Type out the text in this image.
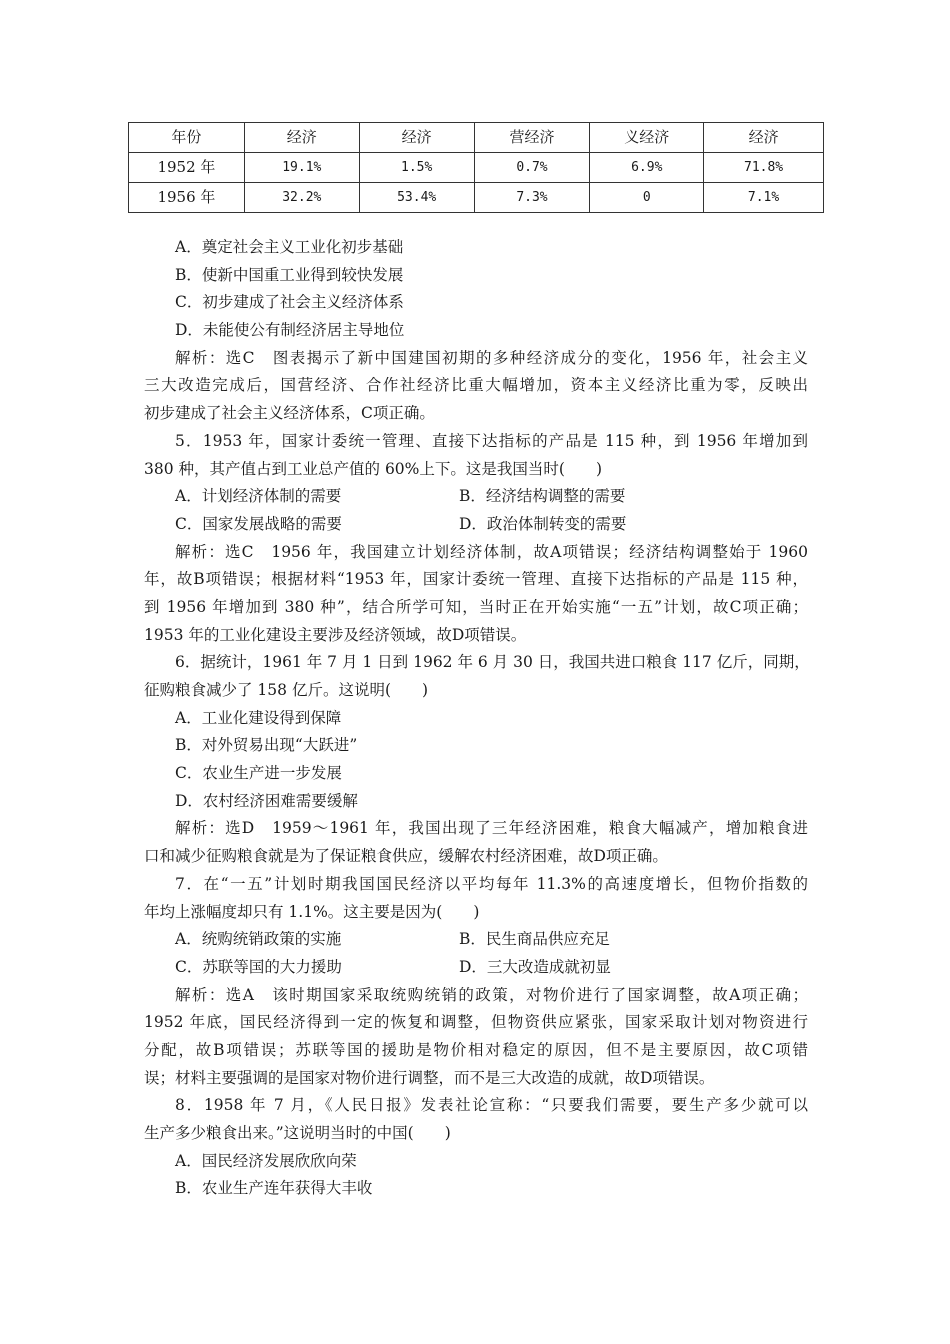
年份	经济	经济	营经济	义经济	经济
1952 年	19.1%	1.5%	0.7%	6.9%	71.8%
1956 年	32.2%	53.4%	7.3%	0	7.1%
A．奠定社会主义工业化初步基础
B．使新中国重工业得到较快发展
C．初步建成了社会主义经济体系
D．未能使公有制经济居主导地位
解析：选C　图表揭示了新中国建国初期的多种经济成分的变化，1956 年，社会主义
三大改造完成后，国营经济、合作社经济比重大幅增加，资本主义经济比重为零，反映出
初步建成了社会主义经济体系，C项正确。
5．1953 年，国家计委统一管理、直接下达指标的产品是 115 种，到 1956 年增加到
380 种，其产值占到工业总产值的 60%上下。这是我国当时(　　)
A．计划经济体制的需要	B．经济结构调整的需要
C．国家发展战略的需要	D．政治体制转变的需要
解析：选C　1956 年，我国建立计划经济体制，故A项错误；经济结构调整始于 1960
年，故B项错误；根据材料“1953 年，国家计委统一管理、直接下达指标的产品是 115 种，
到 1956 年增加到 380 种”，结合所学可知，当时正在开始实施“一五”计划，故C项正确；
1953 年的工业化建设主要涉及经济领域，故D项错误。
6．据统计，1961 年 7 月 1 日到 1962 年 6 月 30 日，我国共进口粮食 117 亿斤，同期，
征购粮食减少了 158 亿斤。这说明(　　)
A．工业化建设得到保障
B．对外贸易出现“大跃进”
C．农业生产进一步发展
D．农村经济困难需要缓解
解析：选D　1959～1961 年，我国出现了三年经济困难，粮食大幅减产，增加粮食进
口和减少征购粮食就是为了保证粮食供应，缓解农村经济困难，故D项正确。
7．在“一五”计划时期我国国民经济以平均每年 11.3%的高速度增长，但物价指数的
年均上涨幅度却只有 1.1%。这主要是因为(　　)
A．统购统销政策的实施	B．民生商品供应充足
C．苏联等国的大力援助	D．三大改造成就初显
解析：选A　该时期国家采取统购统销的政策，对物价进行了国家调整，故A项正确；
1952 年底，国民经济得到一定的恢复和调整，但物资供应紧张，国家采取计划对物资进行
分配，故B项错误；苏联等国的援助是物价相对稳定的原因，但不是主要原因，故C项错
误；材料主要强调的是国家对物价进行调整，而不是三大改造的成就，故D项错误。
8．1958 年 7 月，《人民日报》发表社论宣称：“只要我们需要，要生产多少就可以
生产多少粮食出来。”这说明当时的中国(　　)
A．国民经济发展欣欣向荣
B．农业生产连年获得大丰收
